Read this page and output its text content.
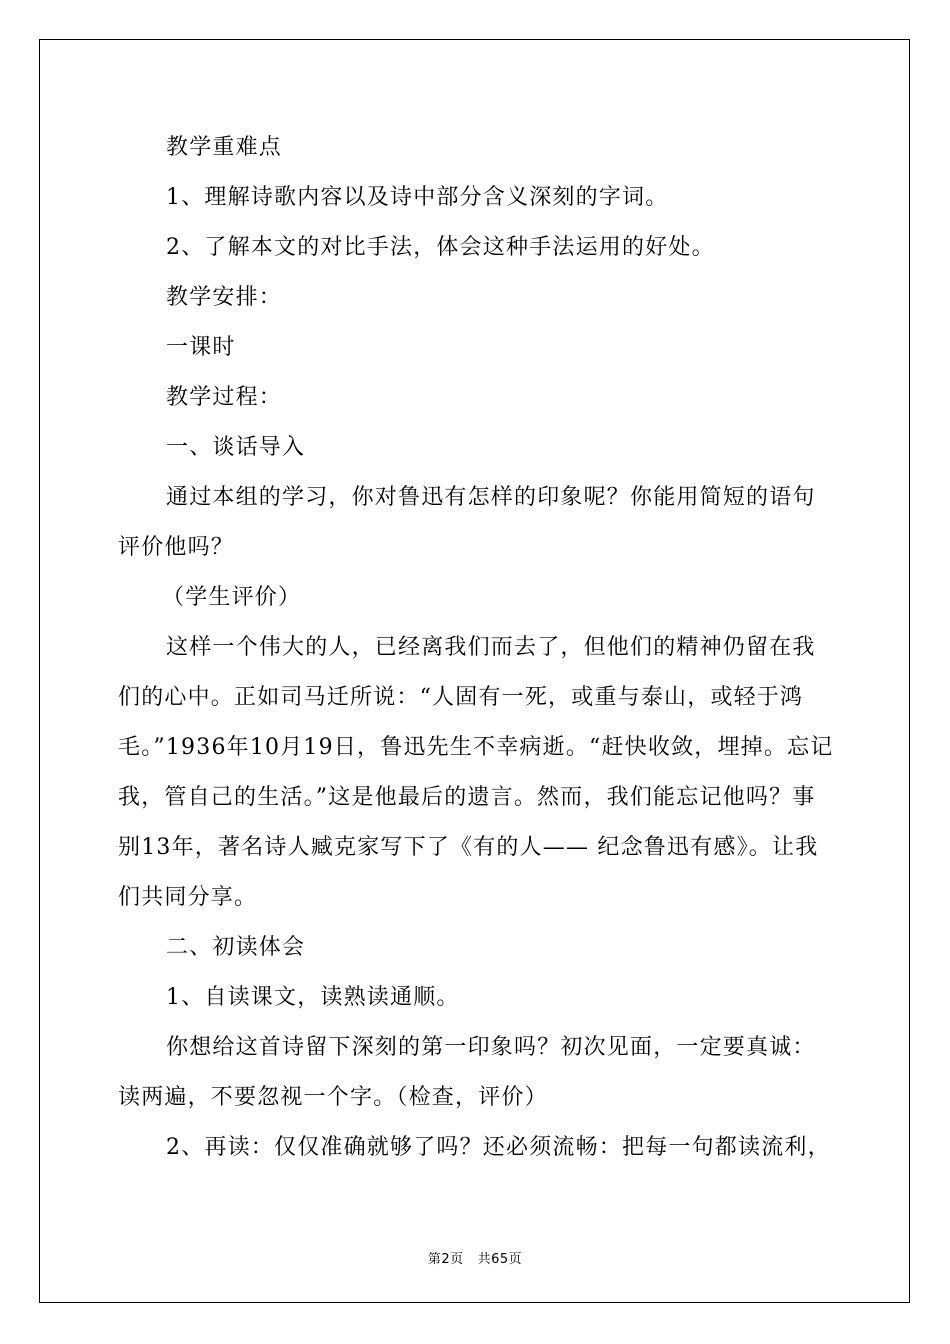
教学重难点

1、理解诗歌内容以及诗中部分含义深刻的字词。

2、了解本文的对比手法，体会这种手法运用的好处。

教学安排：

一课时

教学过程：

一、谈话导入

通过本组的学习，你对鲁迅有怎样的印象呢？你能用简短的语句评价他吗？

（学生评价）

这样一个伟大的人，已经离我们而去了，但他们的精神仍留在我们的心中。正如司马迁所说：“人固有一死，或重与泰山，或轻于鸿毛。”1936年10月19日，鲁迅先生不幸病逝。“赶快收敛，埋掉。忘记我，管自己的生活。”这是他最后的遗言。然而，我们能忘记他吗？事别13年，著名诗人臧克家写下了《有的人—— 纪念鲁迅有感》。让我们共同分享。

二、初读体会

1、自读课文，读熟读通顺。

你想给这首诗留下深刻的第一印象吗？初次见面，一定要真诚：读两遍，不要忽视一个字。（检查，评价）

2、再读：仅仅准确就够了吗？还必须流畅：把每一句都读流利，

第2页 共65页
